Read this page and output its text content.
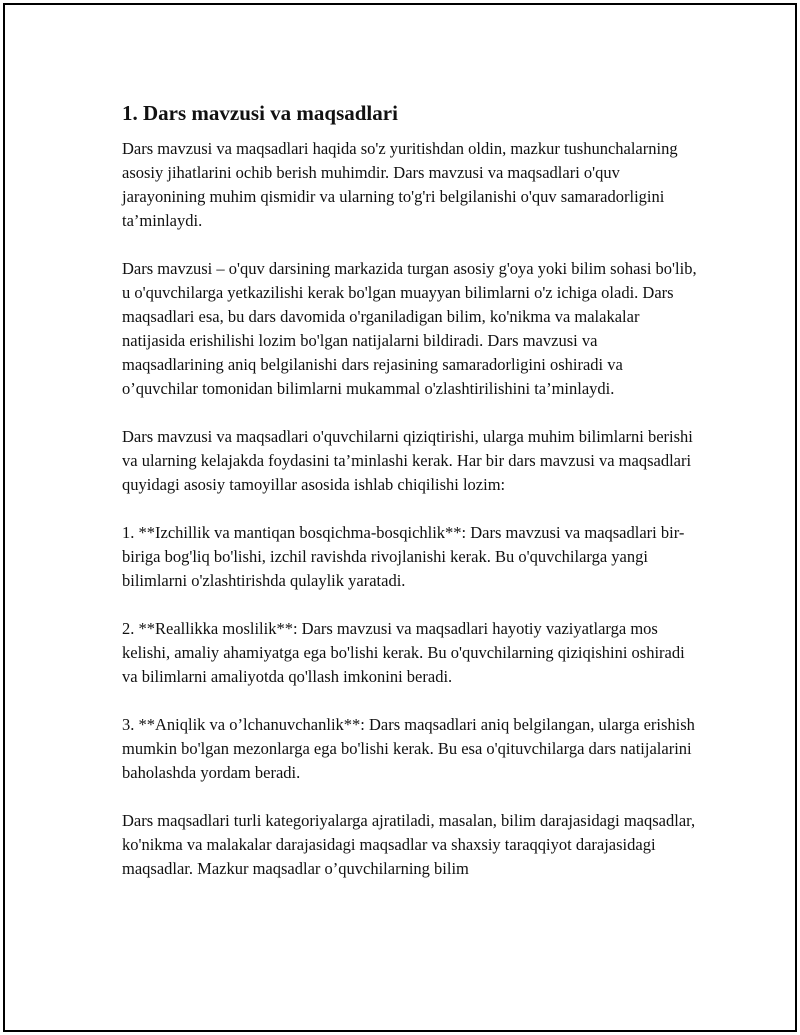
1. Dars mavzusi va maqsadlari

Dars mavzusi va maqsadlari haqida so'z yuritishdan oldin, mazkur tushunchalarning asosiy jihatlarini ochib berish muhimdir. Dars mavzusi va maqsadlari o'quv jarayonining muhim qismidir va ularning to'g'ri belgilanishi o'quv samaradorligini ta’minlaydi.

Dars mavzusi – o'quv darsining markazida turgan asosiy g'oya yoki bilim sohasi bo'lib, u o'quvchilarga yetkazilishi kerak bo'lgan muayyan bilimlarni o'z ichiga oladi. Dars maqsadlari esa, bu dars davomida o'rganiladigan bilim, ko'nikma va malakalar natijasida erishilishi lozim bo'lgan natijalarni bildiradi. Dars mavzusi va maqsadlarining aniq belgilanishi dars rejasining samaradorligini oshiradi va o’quvchilar tomonidan bilimlarni mukammal o'zlashtirilishini ta’minlaydi.

Dars mavzusi va maqsadlari o'quvchilarni qiziqtirishi, ularga muhim bilimlarni berishi va ularning kelajakda foydasini ta’minlashi kerak. Har bir dars mavzusi va maqsadlari quyidagi asosiy tamoyillar asosida ishlab chiqilishi lozim:

1. **Izchillik va mantiqan bosqichma-bosqichlik**: Dars mavzusi va maqsadlari bir-biriga bog'liq bo'lishi, izchil ravishda rivojlanishi kerak. Bu o'quvchilarga yangi bilimlarni o'zlashtirishda qulaylik yaratadi.

2. **Reallikka moslilik**: Dars mavzusi va maqsadlari hayotiy vaziyatlarga mos kelishi, amaliy ahamiyatga ega bo'lishi kerak. Bu o'quvchilarning qiziqishini oshiradi va bilimlarni amaliyotda qo'llash imkonini beradi.

3. **Aniqlik va o’lchanuvchanlik**: Dars maqsadlari aniq belgilangan, ularga erishish mumkin bo'lgan mezonlarga ega bo'lishi kerak. Bu esa o'qituvchilarga dars natijalarini baholashda yordam beradi.

Dars maqsadlari turli kategoriyalarga ajratiladi, masalan, bilim darajasidagi maqsadlar, ko'nikma va malakalar darajasidagi maqsadlar va shaxsiy taraqqiyot darajasidagi maqsadlar. Mazkur maqsadlar o’quvchilarning bilim
